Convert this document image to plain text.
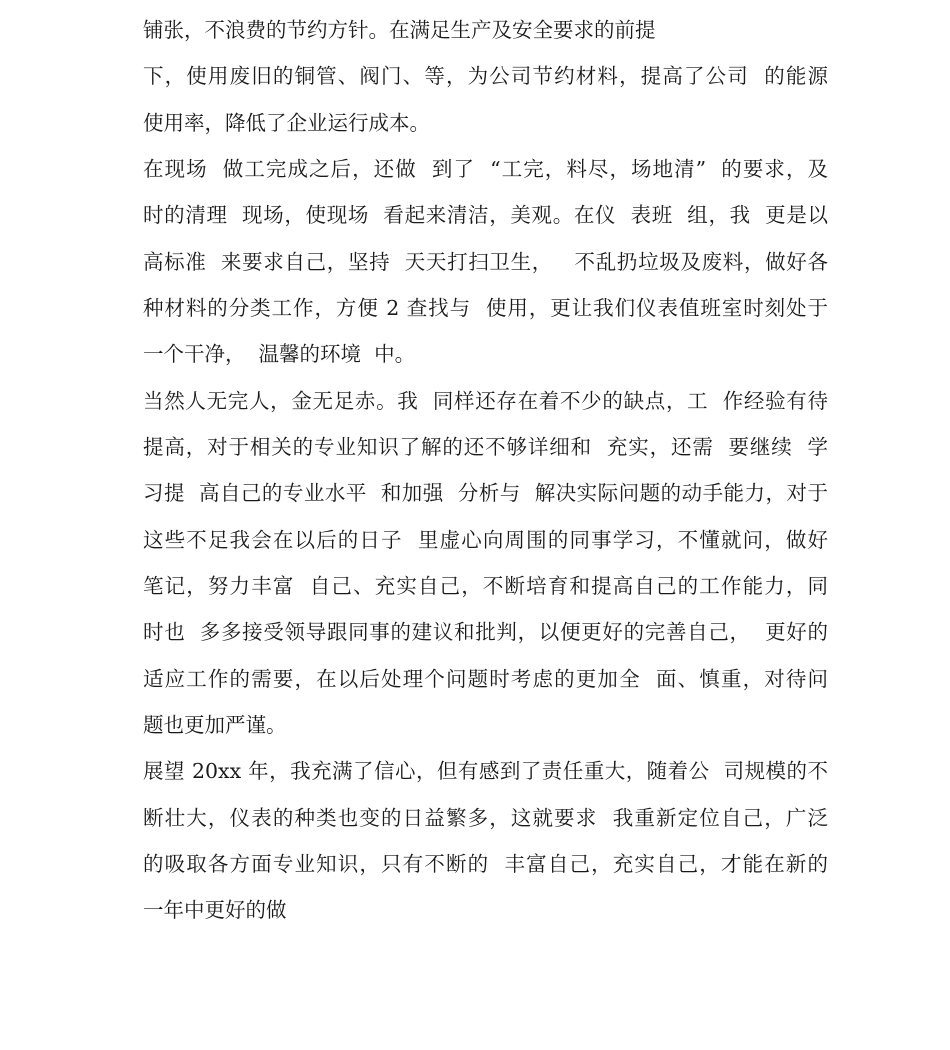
铺张，不浪费的节约方针。在满足生产及安全要求的前提
下，使用废旧的铜管、阀门、等，为公司节约材料，提高了公司  的能源
使用率，降低了企业运行成本。
在现场  做工完成之后，还做  到了  “工完，料尽，场地清”  的要求，及
时的清理  现场，使现场  看起来清洁，美观。在仪  表班  组，我  更是以
高标准  来要求自己，坚持  天天打扫卫生，   不乱扔垃圾及废料，做好各
种材料的分类工作，方便 2 查找与  使用，更让我们仪表值班室时刻处于
一个干净，  温馨的环境  中。
当然人无完人，金无足赤。我  同样还存在着不少的缺点，工  作经验有待
提高，对于相关的专业知识了解的还不够详细和  充实，还需  要继续  学
习提  高自己的专业水平  和加强  分析与  解决实际问题的动手能力，对于
这些不足我会在以后的日子  里虚心向周围的同事学习，不懂就问，做好
笔记，努力丰富  自己、充实自己，不断培育和提高自己的工作能力，同
时也  多多接受领导跟同事的建议和批判，以便更好的完善自己，  更好的
适应工作的需要，在以后处理个问题时考虑的更加全  面、慎重，对待问
题也更加严谨。
展望 20xx 年，我充满了信心，但有感到了责任重大，随着公  司规模的不
断壮大，仪表的种类也变的日益繁多，这就要求  我重新定位自己，广泛
的吸取各方面专业知识，只有不断的  丰富自己，充实自己，才能在新的
一年中更好的做
